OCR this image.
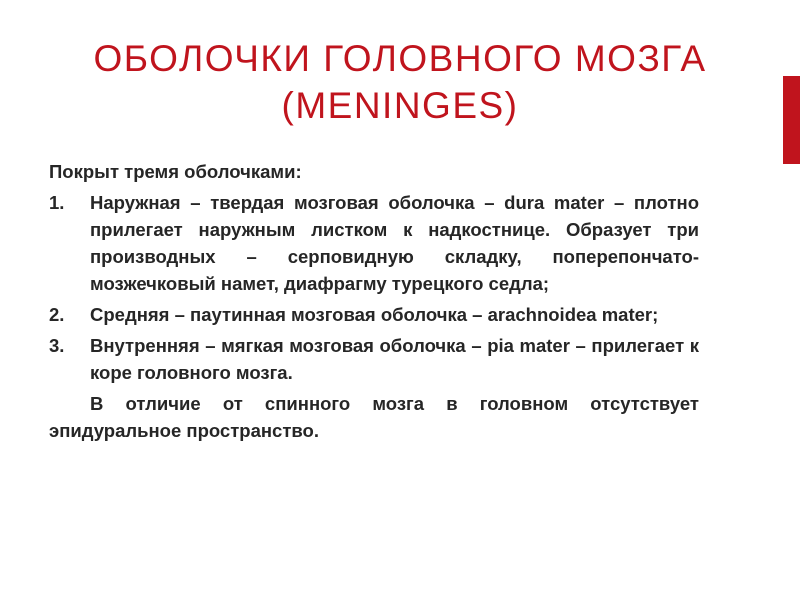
ОБОЛОЧКИ ГОЛОВНОГО МОЗГА
(MENINGES)

Покрыт тремя оболочками:

1. Наружная – твердая мозговая оболочка – dura mater – плотно прилегает наружным листком к надкостнице. Образует три производных – серповидную складку, поперепончато-мозжечковый намет, диафрагму турецкого седла;
2. Средняя – паутинная мозговая оболочка – arachnoidea mater;
3. Внутренняя – мягкая мозговая оболочка – pia mater – прилегает к коре головного мозга.

В отличие от спинного мозга в головном отсутствует эпидуральное пространство.
